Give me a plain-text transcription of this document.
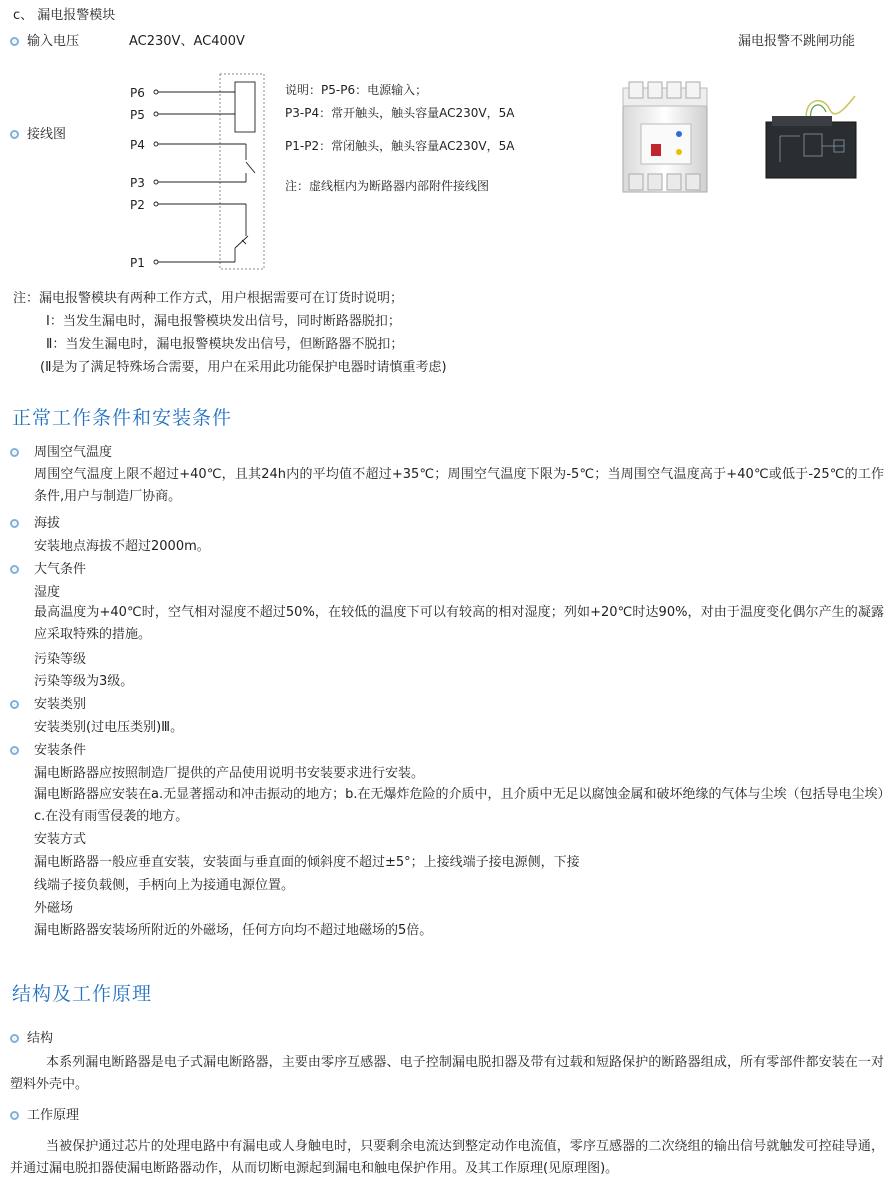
c、 漏电报警模块
输入电压	AC230V、AC400V	漏电报警不跳闸功能
接线图
P6
P5
P4
P3
P2
P1
说明：P5-P6：电源输入；
P3-P4：常开触头，触头容量AC230V，5A
P1-P2：常闭触头，触头容量AC230V，5A
注：虚线框内为断路器内部附件接线图
注：漏电报警模块有两种工作方式，用户根据需要可在订货时说明；
Ⅰ：当发生漏电时，漏电报警模块发出信号，同时断路器脱扣；
Ⅱ：当发生漏电时，漏电报警模块发出信号，但断路器不脱扣；
(Ⅱ是为了满足特殊场合需要，用户在采用此功能保护电器时请慎重考虑)
正常工作条件和安装条件
周围空气温度
周围空气温度上限不超过+40℃，且其24h内的平均值不超过+35℃；周围空气温度下限为-5℃；当周围空气温度高于+40℃或低于-25℃的工作条件,用户与制造厂协商。
海拔
安装地点海拔不超过2000m。
大气条件
湿度
最高温度为+40℃时，空气相对湿度不超过50%，在较低的温度下可以有较高的相对湿度；列如+20℃时达90%，对由于温度变化偶尔产生的凝露应采取特殊的措施。
污染等级
污染等级为3级。
安装类别
安装类别(过电压类别)Ⅲ。
安装条件
漏电断路器应按照制造厂提供的产品使用说明书安装要求进行安装。
漏电断路器应安装在a.无显著摇动和冲击振动的地方；b.在无爆炸危险的介质中，且介质中无足以腐蚀金属和破坏绝缘的气体与尘埃（包括导电尘埃）c.在没有雨雪侵袭的地方。
安装方式
漏电断路器一般应垂直安装，安装面与垂直面的倾斜度不超过±5°；上接线端子接电源侧，下接
线端子接负载侧，手柄向上为接通电源位置。
外磁场
漏电断路器安装场所附近的外磁场，任何方向均不超过地磁场的5倍。
结构及工作原理
结构
本系列漏电断路器是电子式漏电断路器，主要由零序互感器、电子控制漏电脱扣器及带有过载和短路保护的断路器组成，所有零部件都安装在一对塑料外壳中。
工作原理
当被保护通过芯片的处理电路中有漏电或人身触电时，只要剩余电流达到整定动作电流值，零序互感器的二次绕组的输出信号就触发可控硅导通，并通过漏电脱扣器使漏电断路器动作，从而切断电源起到漏电和触电保护作用。及其工作原理(见原理图)。
